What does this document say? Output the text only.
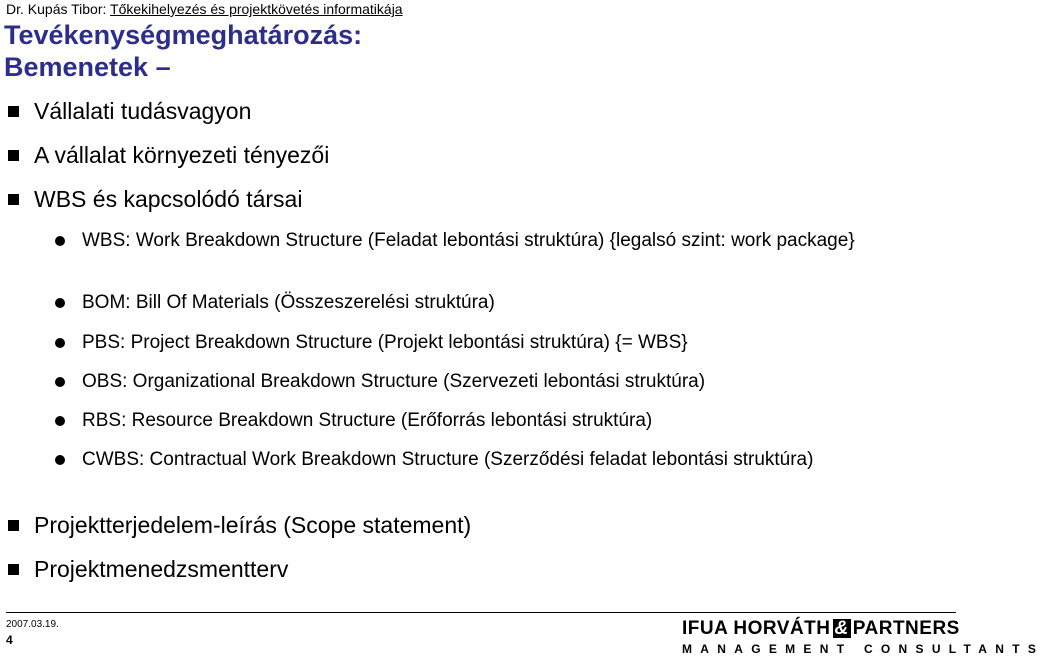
Dr. Kupás Tibor: Tőkekihelyezés és projektkövetés informatikája
Tevékenységmeghatározás:
Bemenetek –
Vállalati tudásvagyon
A vállalat környezeti tényezői
WBS és kapcsolódó társai
WBS: Work Breakdown Structure (Feladat lebontási struktúra) {legalsó szint: work package}
BOM: Bill Of Materials (Összeszerelési struktúra)
PBS: Project Breakdown Structure (Projekt lebontási struktúra) {= WBS}
OBS: Organizational Breakdown Structure (Szervezeti lebontási struktúra)
RBS: Resource Breakdown Structure (Erőforrás lebontási struktúra)
CWBS: Contractual Work Breakdown Structure (Szerződési feladat lebontási struktúra)
Projektterjedelem-leírás (Scope statement)
Projektmenedzsmentterv
2007.03.19.
4
IFUA HORVÁTH & PARTNERS
MANAGEMENT CONSULTANTS
